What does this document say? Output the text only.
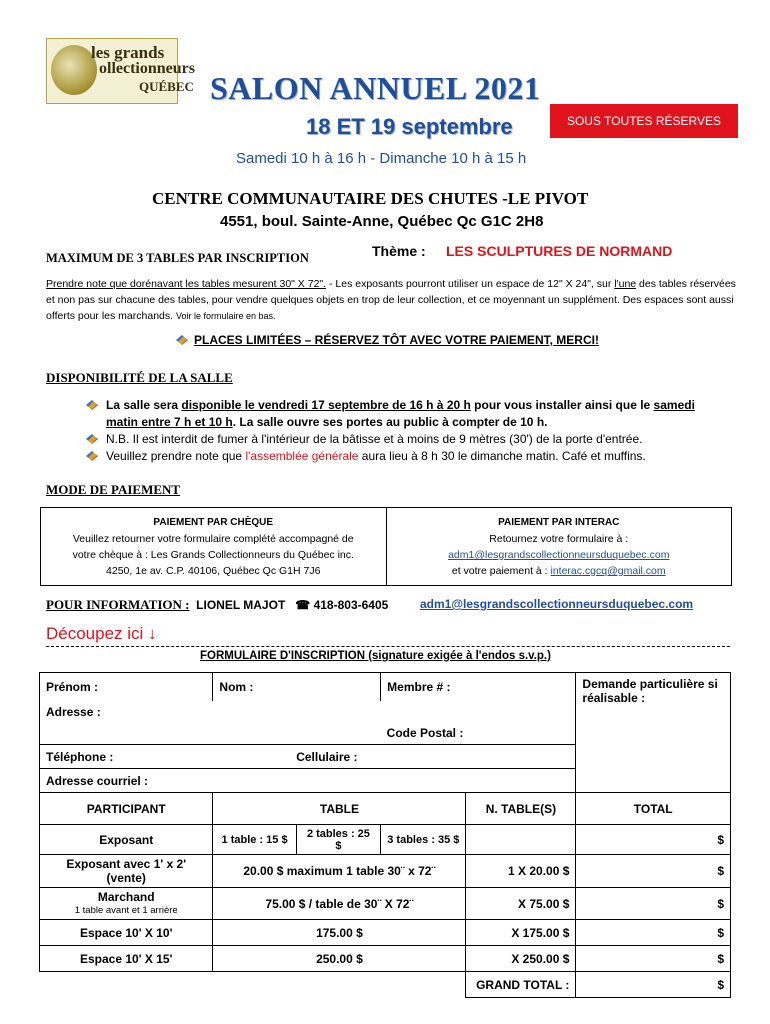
les grands
ollectionneurs
QUÉBEC SALON ANNUEL 2021
18 ET 19 septembre	SOUS TOUTES RÉSERVES
Samedi 10 h à 16 h - Dimanche 10 h à 15 h
CENTRE COMMUNAUTAIRE DES CHUTES -LE PIVOT
4551, boul. Sainte-Anne, Québec Qc G1C 2H8
MAXIMUM DE 3 TABLES PAR INSCRIPTION	Thème : LES SCULPTURES DE NORMAND
Prendre note que dorénavant les tables mesurent 30" X 72". - Les exposants pourront utiliser un espace de 12" X 24", sur l'une des tables réservées et non pas sur chacune des tables, pour vendre quelques objets en trop de leur collection, et ce moyennant un supplément. Des espaces sont aussi offerts pour les marchands. Voir le formulaire en bas.
PLACES LIMITÉES – RÉSERVEZ TÔT AVEC VOTRE PAIEMENT, MERCI!
DISPONIBILITÉ DE LA SALLE
La salle sera disponible le vendredi 17 septembre de 16 h à 20 h pour vous installer ainsi que le samedi matin entre 7 h et 10 h. La salle ouvre ses portes au public à compter de 10 h.
N.B. Il est interdit de fumer à l'intérieur de la bâtisse et à moins de 9 mètres (30') de la porte d'entrée.
Veuillez prendre note que l'assemblée générale aura lieu à 8 h 30 le dimanche matin. Café et muffins.
MODE DE PAIEMENT
PAIEMENT PAR CHÈQUE
Veuillez retourner votre formulaire complété accompagné de
votre chèque à : Les Grands Collectionneurs du Québec inc.
4250, 1e av. C.P. 40106, Québec Qc G1H 7J6
PAIEMENT PAR INTERAC
Retournez votre formulaire à :
adm1@lesgrandscollectionneursduquebec.com
et votre paiement à : interac.cgcq@gmail.com
POUR INFORMATION : LIONEL MAJOT ☎ 418-803-6405	adm1@lesgrandscollectionneursduquebec.com
Découpez ici ↓
FORMULAIRE D'INSCRIPTION (signature exigée à l'endos s.v.p.)
Prénom :	Nom :		Membre # :		Demande particulière si réalisable :
Adresse :					
			Code Postal :		
Téléphone :		Cellulaire :			
Adresse courriel :					
PARTICIPANT	TABLE			N. TABLE(S)	TOTAL
Exposant	1 table : 15 $	2 tables : 25 $	3 tables : 35 $		$
Exposant avec 1' x 2' (vente)	20.00 $ maximum 1 table 30¨ x 72¨			1 X 20.00 $	$

Marchand
1 table avant et 1 arrière	75.00 $ / table de 30¨ X 72¨			X 75.00 $	$
Espace 10' X 10'	175.00 $			X 175.00 $	$
Espace 10' X 15'	250.00 $			X 250.00 $	$
				GRAND TOTAL :	$
